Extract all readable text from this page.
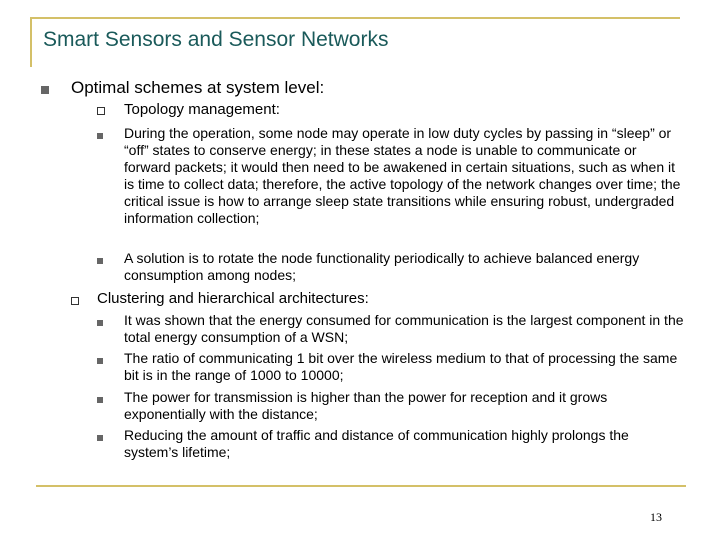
Smart Sensors and Sensor Networks
Optimal schemes at system level:
Topology management:
During the operation, some node may operate in low duty cycles by passing in “sleep” or “off” states to conserve energy; in these states a node is unable to communicate or forward packets; it would then need to be awakened in certain situations, such as when it is time to collect data; therefore, the active topology of the network changes over time; the critical issue is how to arrange sleep state transitions while ensuring robust, undergraded information collection;
A solution is to rotate the node functionality periodically to achieve balanced energy consumption among nodes;
Clustering and hierarchical architectures:
It was shown that the energy consumed for communication is the largest component in the total energy consumption of a WSN;
The ratio of communicating 1 bit over the wireless medium to that of processing the same bit is in the range of 1000 to 10000;
The power for transmission is higher than the power for reception and it grows exponentially with the distance;
Reducing the amount of traffic and distance of communication highly prolongs the system’s lifetime;
13
